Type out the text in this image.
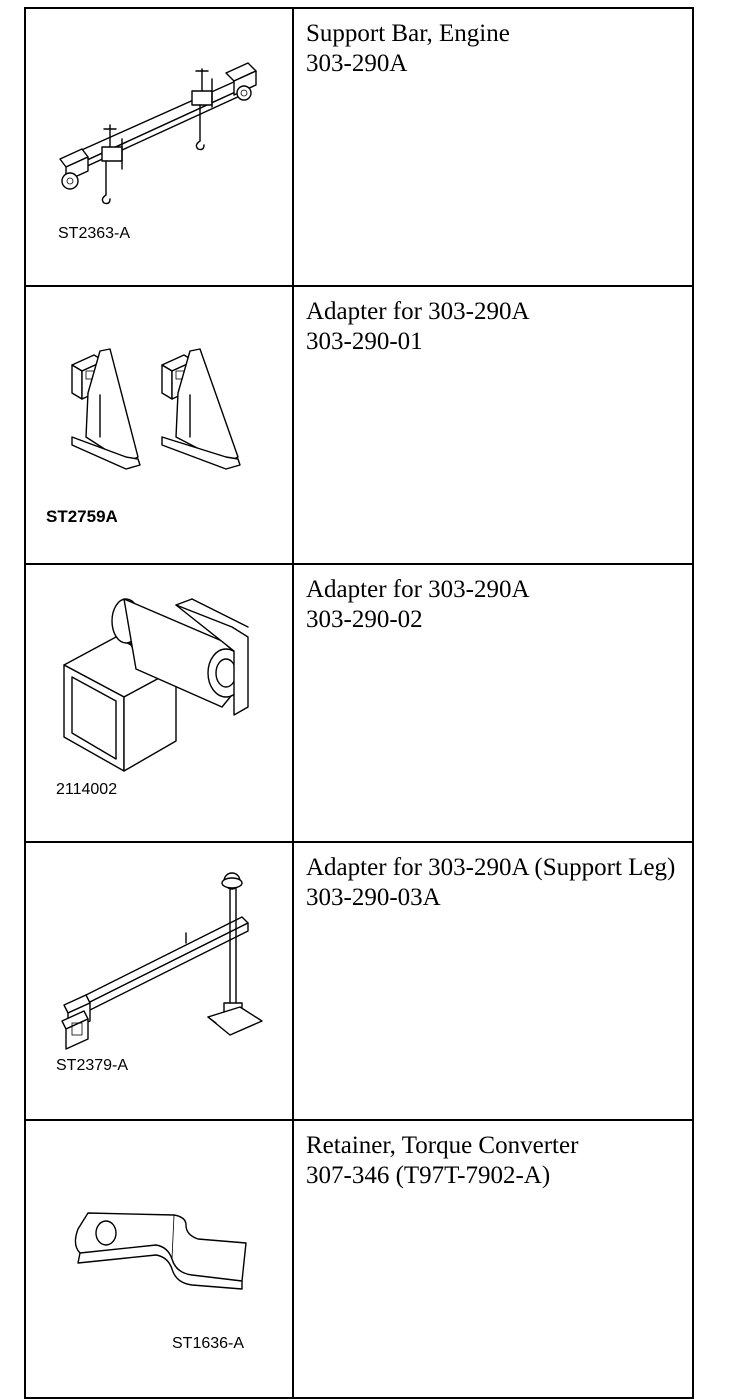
ST2363-A	Support Bar, Engine

303-290A

ST2759A	Adapter for 303-290A

303-290-01

2114002	Adapter for 303-290A

303-290-02

ST2379-A	Adapter for 303-290A (Support Leg)

303-290-03A

ST1636-A	Retainer, Torque Converter

307-346 (T97T-7902-A)
